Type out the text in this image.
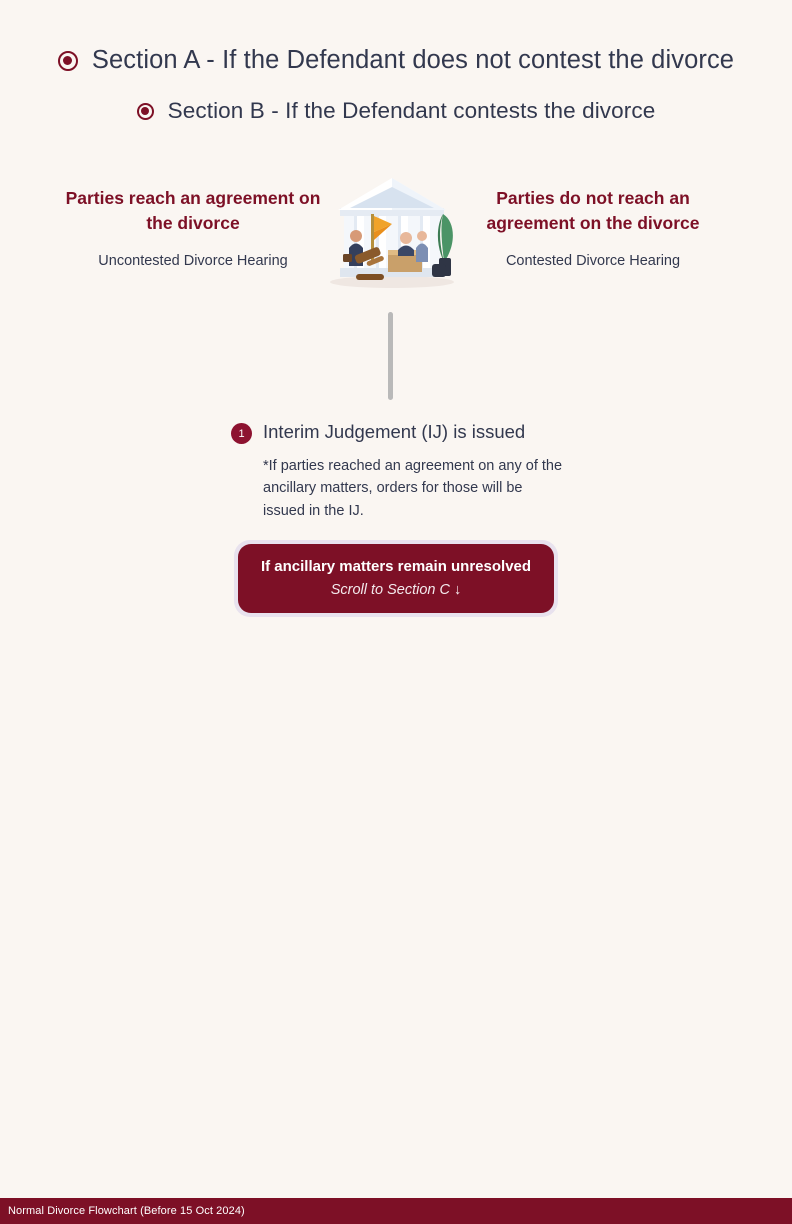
Section A - If the Defendant does not contest the divorce
Section B - If the Defendant contests the divorce
Parties reach an agreement on the divorce
Uncontested Divorce Hearing
Parties do not reach an agreement on the divorce
Contested Divorce Hearing
1 Interim Judgement (IJ) is issued
*If parties reached an agreement on any of the ancillary matters, orders for those will be issued in the IJ.
If ancillary matters remain unresolved
Scroll to Section C ↓
Normal Divorce Flowchart (Before 15 Oct 2024)
